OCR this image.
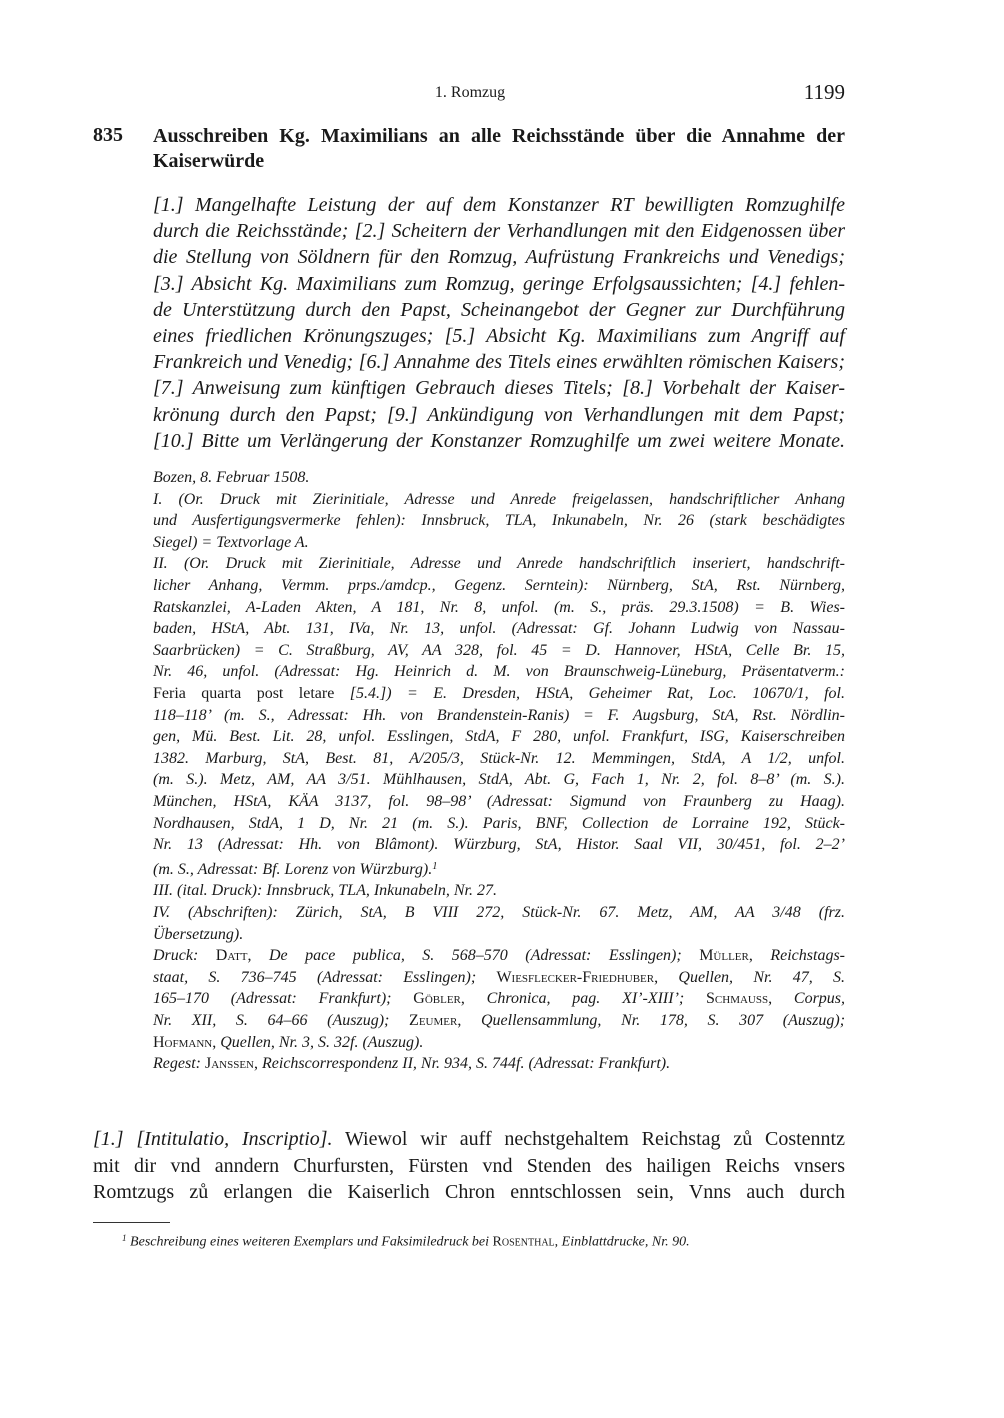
1. Romzug	1199
835 Ausschreiben Kg. Maximilians an alle Reichsstände über die Annahme der
Kaiserwürde
[1.] Mangelhafte Leistung der auf dem Konstanzer RT bewilligten Romzughilfe
durch die Reichsstände; [2.] Scheitern der Verhandlungen mit den Eidgenossen über
die Stellung von Söldnern für den Romzug, Aufrüstung Frankreichs und Venedigs;
[3.] Absicht Kg. Maximilians zum Romzug, geringe Erfolgsaussichten; [4.] fehlen-
de Unterstützung durch den Papst, Scheinangebot der Gegner zur Durchführung
eines friedlichen Krönungszuges; [5.] Absicht Kg. Maximilians zum Angriff auf
Frankreich und Venedig; [6.] Annahme des Titels eines erwählten römischen Kaisers;
[7.] Anweisung zum künftigen Gebrauch dieses Titels; [8.] Vorbehalt der Kaiser-
krönung durch den Papst; [9.] Ankündigung von Verhandlungen mit dem Papst;
[10.] Bitte um Verlängerung der Konstanzer Romzughilfe um zwei weitere Monate.
Bozen, 8. Februar 1508.
I. (Or. Druck mit Zierinitiale, Adresse und Anrede freigelassen, handschriftlicher Anhang
und Ausfertigungsvermerke fehlen): Innsbruck, TLA, Inkunabeln, Nr. 26 (stark beschädigtes
Siegel) = Textvorlage A.
II. (Or. Druck mit Zierinitiale, Adresse und Anrede handschriftlich inseriert, handschrift-
licher Anhang, Vermm. prps./amdcp., Gegenz. Serntein): Nürnberg, StA, Rst. Nürnberg,
Ratskanzlei, A-Laden Akten, A 181, Nr. 8, unfol. (m. S., präs. 29.3.1508) = B. Wies-
baden, HStA, Abt. 131, IVa, Nr. 13, unfol. (Adressat: Gf. Johann Ludwig von Nassau-
Saarbrücken) = C. Straßburg, AV, AA 328, fol. 45 = D. Hannover, HStA, Celle Br. 15,
Nr. 46, unfol. (Adressat: Hg. Heinrich d. M. von Braunschweig-Lüneburg, Präsentatverm.:
Feria quarta post letare [5.4.]) = E. Dresden, HStA, Geheimer Rat, Loc. 10670/1, fol.
118–118’ (m. S., Adressat: Hh. von Brandenstein-Ranis) = F. Augsburg, StA, Rst. Nördlin-
gen, Mü. Best. Lit. 28, unfol. Esslingen, StdA, F 280, unfol. Frankfurt, ISG, Kaiserschreiben
1382. Marburg, StA, Best. 81, A/205/3, Stück-Nr. 12. Memmingen, StdA, A 1/2, unfol.
(m. S.). Metz, AM, AA 3/51. Mühlhausen, StdA, Abt. G, Fach 1, Nr. 2, fol. 8–8’ (m. S.).
München, HStA, KÄA 3137, fol. 98–98’ (Adressat: Sigmund von Fraunberg zu Haag).
Nordhausen, StdA, 1 D, Nr. 21 (m. S.). Paris, BNF, Collection de Lorraine 192, Stück-
Nr. 13 (Adressat: Hh. von Blâmont). Würzburg, StA, Histor. Saal VII, 30/451, fol. 2–2’
(m. S., Adressat: Bf. Lorenz von Würzburg).$^1$
III. (ital. Druck): Innsbruck, TLA, Inkunabeln, Nr. 27.
IV. (Abschriften): Zürich, StA, B VIII 272, Stück-Nr. 67. Metz, AM, AA 3/48 (frz.
Übersetzung).
Druck: Datt, De pace publica, S. 568–570 (Adressat: Esslingen); Müller, Reichstags-
staat, S. 736–745 (Adressat: Esslingen); Wiesflecker-Friedhuber, Quellen, Nr. 47, S.
165–170 (Adressat: Frankfurt); Göbler, Chronica, pag. XI’-XIII’; Schmauss, Corpus,
Nr. XII, S. 64–66 (Auszug); Zeumer, Quellensammlung, Nr. 178, S. 307 (Auszug);
Hofmann, Quellen, Nr. 3, S. 32f. (Auszug).
Regest: Janssen, Reichscorrespondenz II, Nr. 934, S. 744f. (Adressat: Frankfurt).
[1.] [Intitulatio, Inscriptio]. Wiewol wir auff nechstgehaltem Reichstag zů Costenntz
mit dir vnd anndern Churfursten, Fürsten vnd Stenden des hailigen Reichs vnsers
Romtzugs zů erlangen die Kaiserlich Chron enntschlossen sein, Vnns auch durch
$^1$ Beschreibung eines weiteren Exemplars und Faksimiledruck bei Rosenthal, Einblattdrucke, Nr. 90.
